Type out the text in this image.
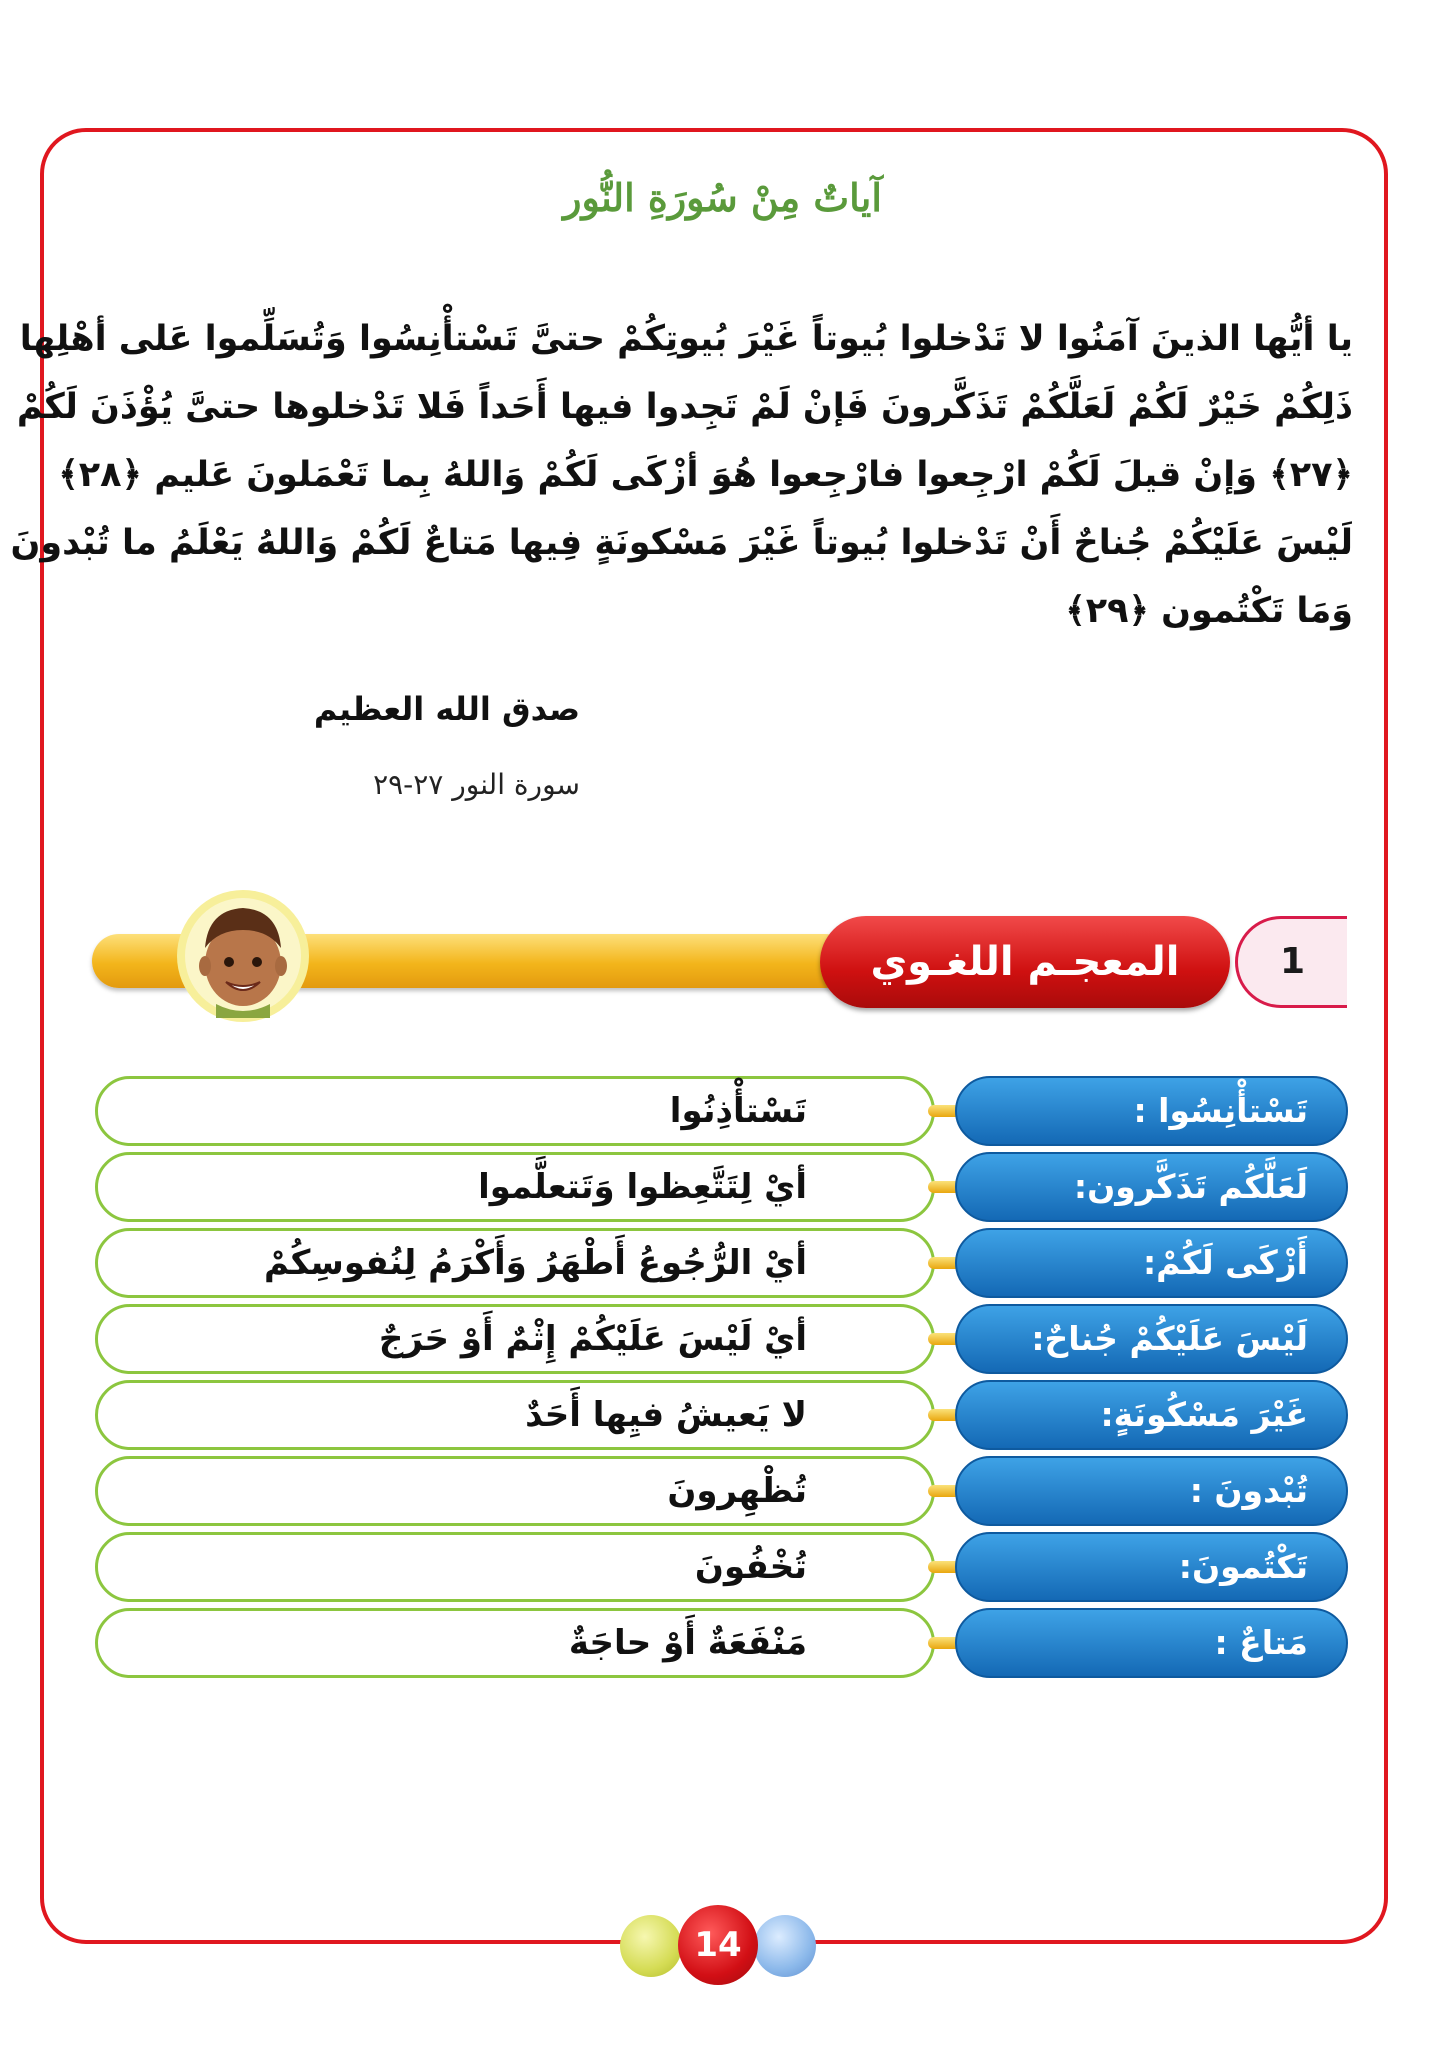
آياتٌ مِنْ سُورَةِ النُّور
يا أيُّها الذينَ آمَنُوا لا تَدْخلوا بُيوتاً غَيْرَ بُيوتِكُمْ حتىَّ تَسْتأْنِسُوا وَتُسَلِّموا عَلى أهْلِها
ذَلِكُمْ خَيْرٌ لَكُمْ لَعَلَّكُمْ تَذَكَّرونَ فَإنْ لَمْ تَجِدوا فيها أَحَداً فَلا تَدْخلوها حتىَّ يُؤْذَنَ لَكُمْ
﴿٢٧﴾ وَإنْ قيلَ لَكُمْ ارْجِعوا فارْجِعوا هُوَ أزْكَى لَكُمْ وَاللهُ بِما تَعْمَلونَ عَليم ﴿٢٨﴾
لَيْسَ عَلَيْكُمْ جُناحٌ أَنْ تَدْخلوا بُيوتاً غَيْرَ مَسْكونَةٍ فِيها مَتاعٌ لَكُمْ وَاللهُ يَعْلَمُ ما تُبْدونَ
وَمَا تَكْتُمون ﴿٢٩﴾
صدق الله العظيم
سورة النور ٢٧-٢٩
المعجـم اللغـوي	1
تَسْتأْذِنُوا	تَسْتأْنِسُوا :
أيْ لِتَتَّعِظوا وَتَتعلَّموا	لَعَلَّكُم تَذَكَّرون:
أيْ الرُّجُوعُ أَطْهَرُ وَأَكْرَمُ لِنُفوسِكُمْ	أَزْكَى لَكُمْ:
أيْ لَيْسَ عَلَيْكُمْ إِثْمٌ أَوْ حَرَجٌ	لَيْسَ عَلَيْكُمْ جُناحٌ:
لا يَعيشُ فيِها أَحَدٌ	غَيْرَ مَسْكُونَةٍ:
تُظْهِرونَ	تُبْدونَ :
تُخْفُونَ	تَكْتُمونَ:
مَنْفَعَةٌ أَوْ حاجَةٌ	مَتاعٌ :
14
